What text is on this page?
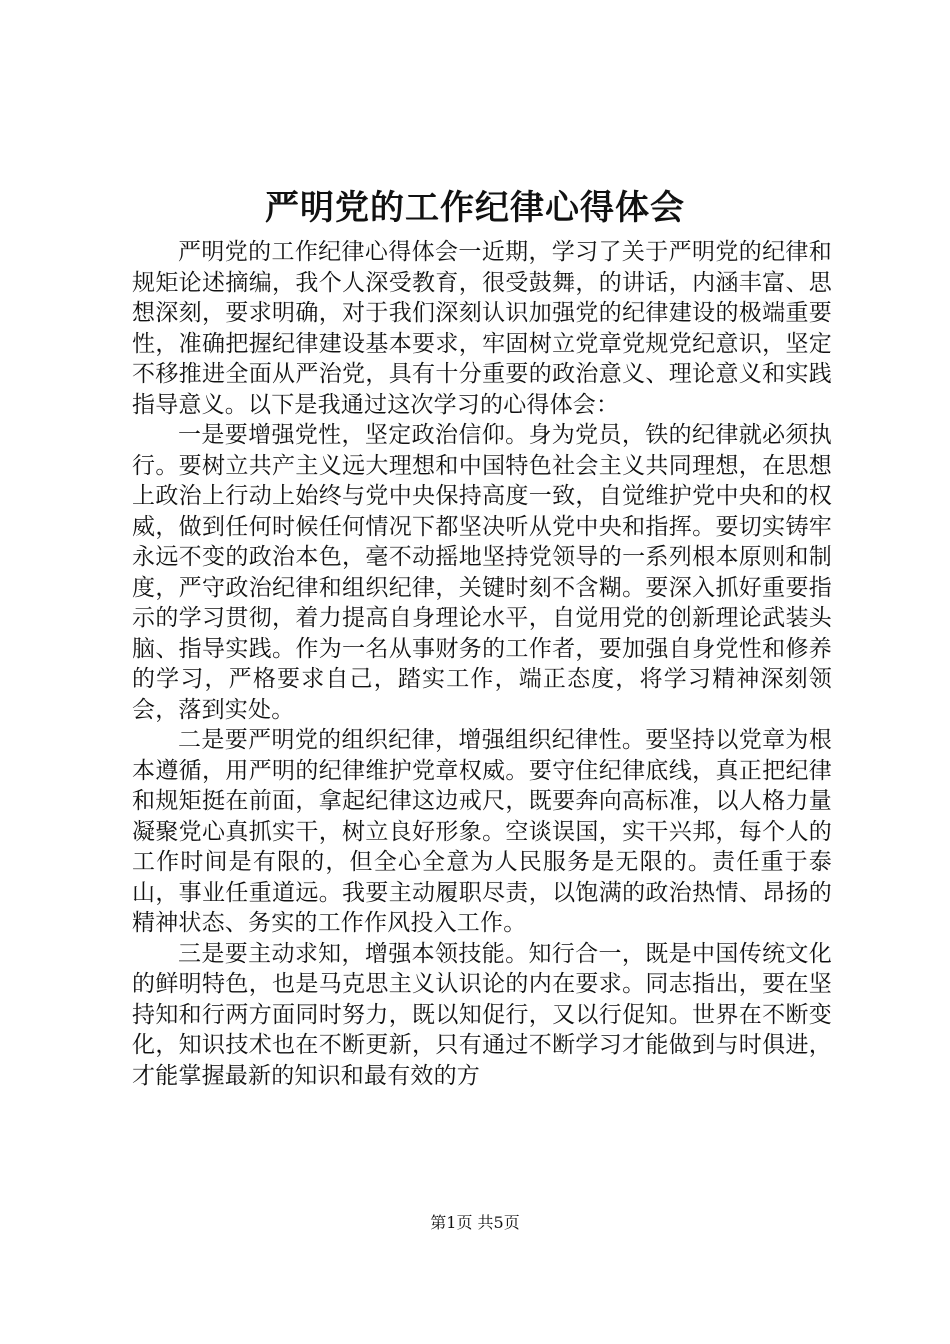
严明党的工作纪律心得体会

严明党的工作纪律心得体会一近期，学习了关于严明党的纪律和规矩论述摘编，我个人深受教育，很受鼓舞，的讲话，内涵丰富、思想深刻，要求明确，对于我们深刻认识加强党的纪律建设的极端重要性，准确把握纪律建设基本要求，牢固树立党章党规党纪意识，坚定不移推进全面从严治党，具有十分重要的政治意义、理论意义和实践指导意义。以下是我通过这次学习的心得体会：

一是要增强党性，坚定政治信仰。身为党员，铁的纪律就必须执行。要树立共产主义远大理想和中国特色社会主义共同理想，在思想上政治上行动上始终与党中央保持高度一致，自觉维护党中央和的权威，做到任何时候任何情况下都坚决听从党中央和指挥。要切实铸牢永远不变的政治本色，毫不动摇地坚持党领导的一系列根本原则和制度，严守政治纪律和组织纪律，关键时刻不含糊。要深入抓好重要指示的学习贯彻，着力提高自身理论水平，自觉用党的创新理论武装头脑、指导实践。作为一名从事财务的工作者，要加强自身党性和修养的学习，严格要求自己，踏实工作，端正态度，将学习精神深刻领会，落到实处。

二是要严明党的组织纪律，增强组织纪律性。要坚持以党章为根本遵循，用严明的纪律维护党章权威。要守住纪律底线，真正把纪律和规矩挺在前面，拿起纪律这边戒尺，既要奔向高标准，以人格力量凝聚党心真抓实干，树立良好形象。空谈误国，实干兴邦，每个人的工作时间是有限的，但全心全意为人民服务是无限的。责任重于泰山，事业任重道远。我要主动履职尽责，以饱满的政治热情、昂扬的精神状态、务实的工作作风投入工作。

三是要主动求知，增强本领技能。知行合一，既是中国传统文化的鲜明特色，也是马克思主义认识论的内在要求。同志指出，要在坚持知和行两方面同时努力，既以知促行，又以行促知。世界在不断变化，知识技术也在不断更新，只有通过不断学习才能做到与时俱进，才能掌握最新的知识和最有效的方

第1页 共5页
